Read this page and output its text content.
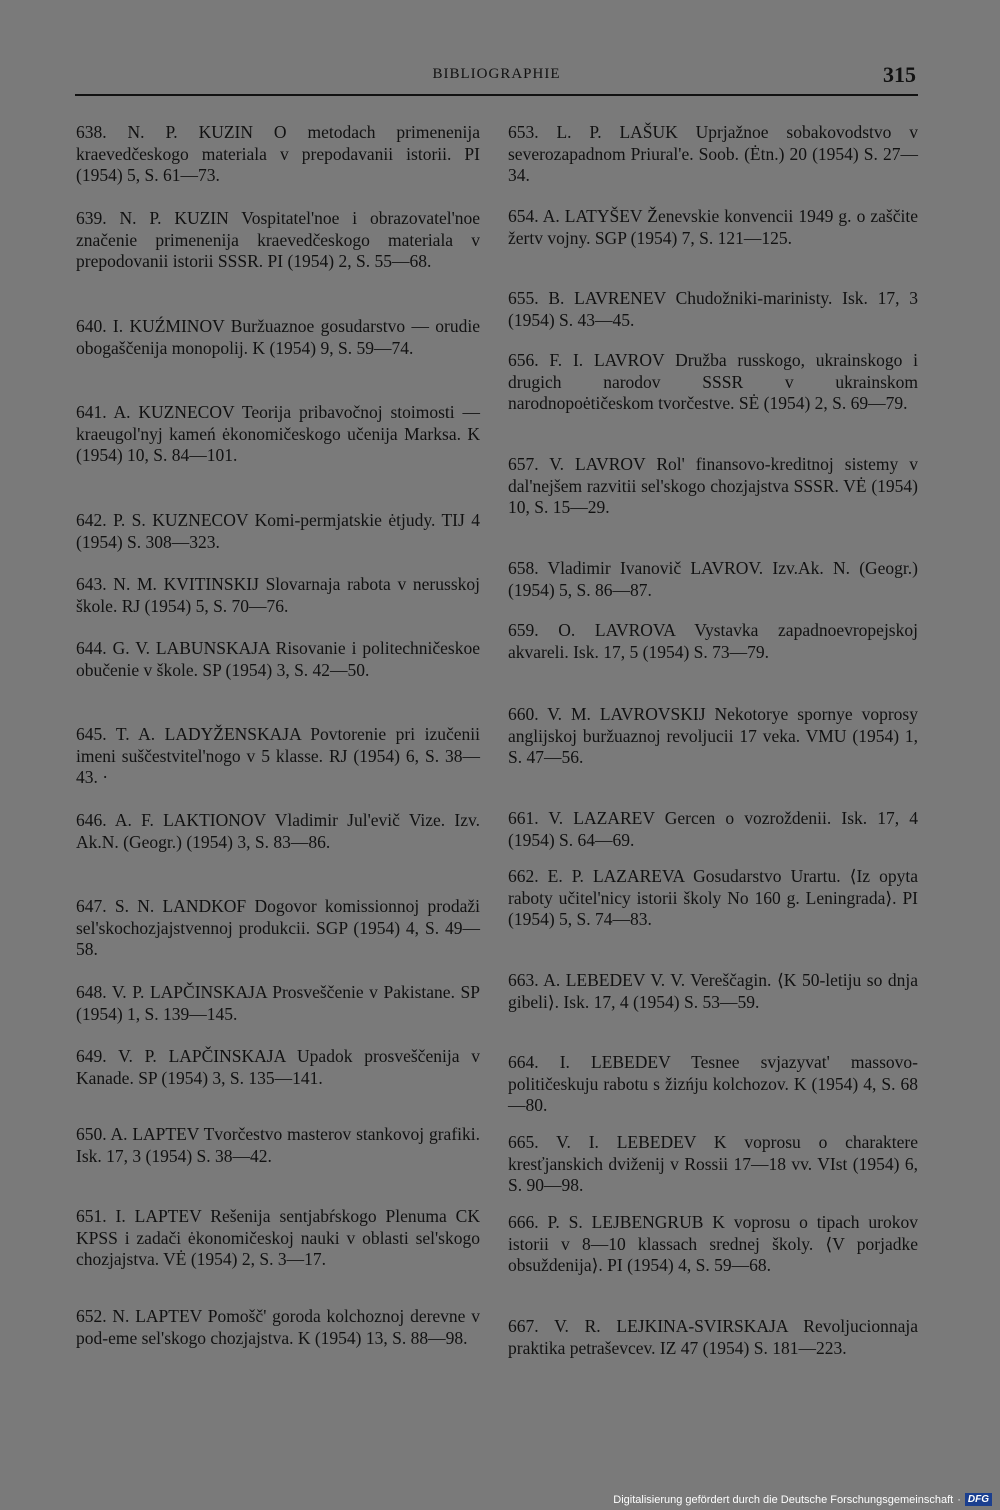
BIBLIOGRAPHIE	315
638. N. P. KUZIN O metodach primenenija kraevedčeskogo materiala v prepodavanii istorii. PI (1954) 5, S. 61—73.
639. N. P. KUZIN Vospitatel'noe i obrazovatel'noe značenie primenenija kraevedčeskogo materiala v prepodovanii istorii SSSR. PI (1954) 2, S. 55—68.
640. I. KUŹMINOV Buržuaznoe gosudarstvo — orudie obogaščenija monopolij. K (1954) 9, S. 59—74.
641. A. KUZNECOV Teorija pribavočnoj stoimosti — kraeugol'nyj kameń ėkonomičeskogo učenija Marksa. K (1954) 10, S. 84—101.
642. P. S. KUZNECOV Komi-permjatskie ėtjudy. TIJ 4 (1954) S. 308—323.
643. N. M. KVITINSKIJ Slovarnaja rabota v nerusskoj škole. RJ (1954) 5, S. 70—76.
644. G. V. LABUNSKAJA Risovanie i politechničeskoe obučenie v škole. SP (1954) 3, S. 42—50.
645. T. A. LADYŽENSKAJA Povtorenie pri izučenii imeni suščestvitel'nogo v 5 klasse. RJ (1954) 6, S. 38—43. ·
646. A. F. LAKTIONOV Vladimir Jul'evič Vize. Izv. Ak.N. (Geogr.) (1954) 3, S. 83—86.
647. S. N. LANDKOF Dogovor komissionnoj prodaži sel'skochozjajstvennoj produkcii. SGP (1954) 4, S. 49—58.
648. V. P. LAPČINSKAJA Prosveščenie v Pakistane. SP (1954) 1, S. 139—145.
649. V. P. LAPČINSKAJA Upadok prosveščenija v Kanade. SP (1954) 3, S. 135—141.
650. A. LAPTEV Tvorčestvo masterov stankovoj grafiki. Isk. 17, 3 (1954) S. 38—42.
651. I. LAPTEV Rešenija sentjabŕskogo Plenuma CK KPSS i zadači ėkonomičeskoj nauki v oblasti sel'skogo chozjajstva. VĖ (1954) 2, S. 3—17.
652. N. LAPTEV Pomošč' goroda kolchoznoj derevne v pod-eme sel'skogo chozjajstva. K (1954) 13, S. 88—98.
653. L. P. LAŠUK Uprjažnoe sobakovodstvo v severozapadnom Priural'e. Soob. (Ėtn.) 20 (1954) S. 27—34.
654. A. LATYŠEV Ženevskie konvencii 1949 g. o zaščite žertv vojny. SGP (1954) 7, S. 121—125.
655. B. LAVRENEV Chudožniki-marinisty. Isk. 17, 3 (1954) S. 43—45.
656. F. I. LAVROV Družba russkogo, ukrainskogo i drugich narodov SSSR v ukrainskom narodnopoėtičeskom tvorčestve. SĖ (1954) 2, S. 69—79.
657. V. LAVROV Rol' finansovo-kreditnoj sistemy v dal'nejšem razvitii sel'skogo chozjajstva SSSR. VĖ (1954) 10, S. 15—29.
658. Vladimir Ivanovič LAVROV. Izv.Ak. N. (Geogr.) (1954) 5, S. 86—87.
659. O. LAVROVA Vystavka zapadnoevropejskoj akvareli. Isk. 17, 5 (1954) S. 73—79.
660. V. M. LAVROVSKIJ Nekotorye spornye voprosy anglijskoj buržuaznoj revoljucii 17 veka. VMU (1954) 1, S. 47—56.
661. V. LAZAREV Gercen o vozroždenii. Isk. 17, 4 (1954) S. 64—69.
662. E. P. LAZAREVA Gosudarstvo Urartu. ⟨Iz opyta raboty učitel'nicy istorii školy No 160 g. Leningrada⟩. PI (1954) 5, S. 74—83.
663. A. LEBEDEV V. V. Vereščagin. ⟨K 50-letiju so dnja gibeli⟩. Isk. 17, 4 (1954) S. 53—59.
664. I. LEBEDEV Tesnee svjazyvat' massovo-političeskuju rabotu s žizńju kolchozov. K (1954) 4, S. 68—80.
665. V. I. LEBEDEV K voprosu o charaktere kresťjanskich dviženij v Rossii 17—18 vv. VIst (1954) 6, S. 90—98.
666. P. S. LEJBENGRUB K voprosu o tipach urokov istorii v 8—10 klassach srednej školy. ⟨V porjadke obsuždenija⟩. PI (1954) 4, S. 59—68.
667. V. R. LEJKINA-SVIRSKAJA Revoljucionnaja praktika petraševcev. IZ 47 (1954) S. 181—223.
Digitalisierung gefördert durch die Deutsche Forschungsgemeinschaft · DFG
